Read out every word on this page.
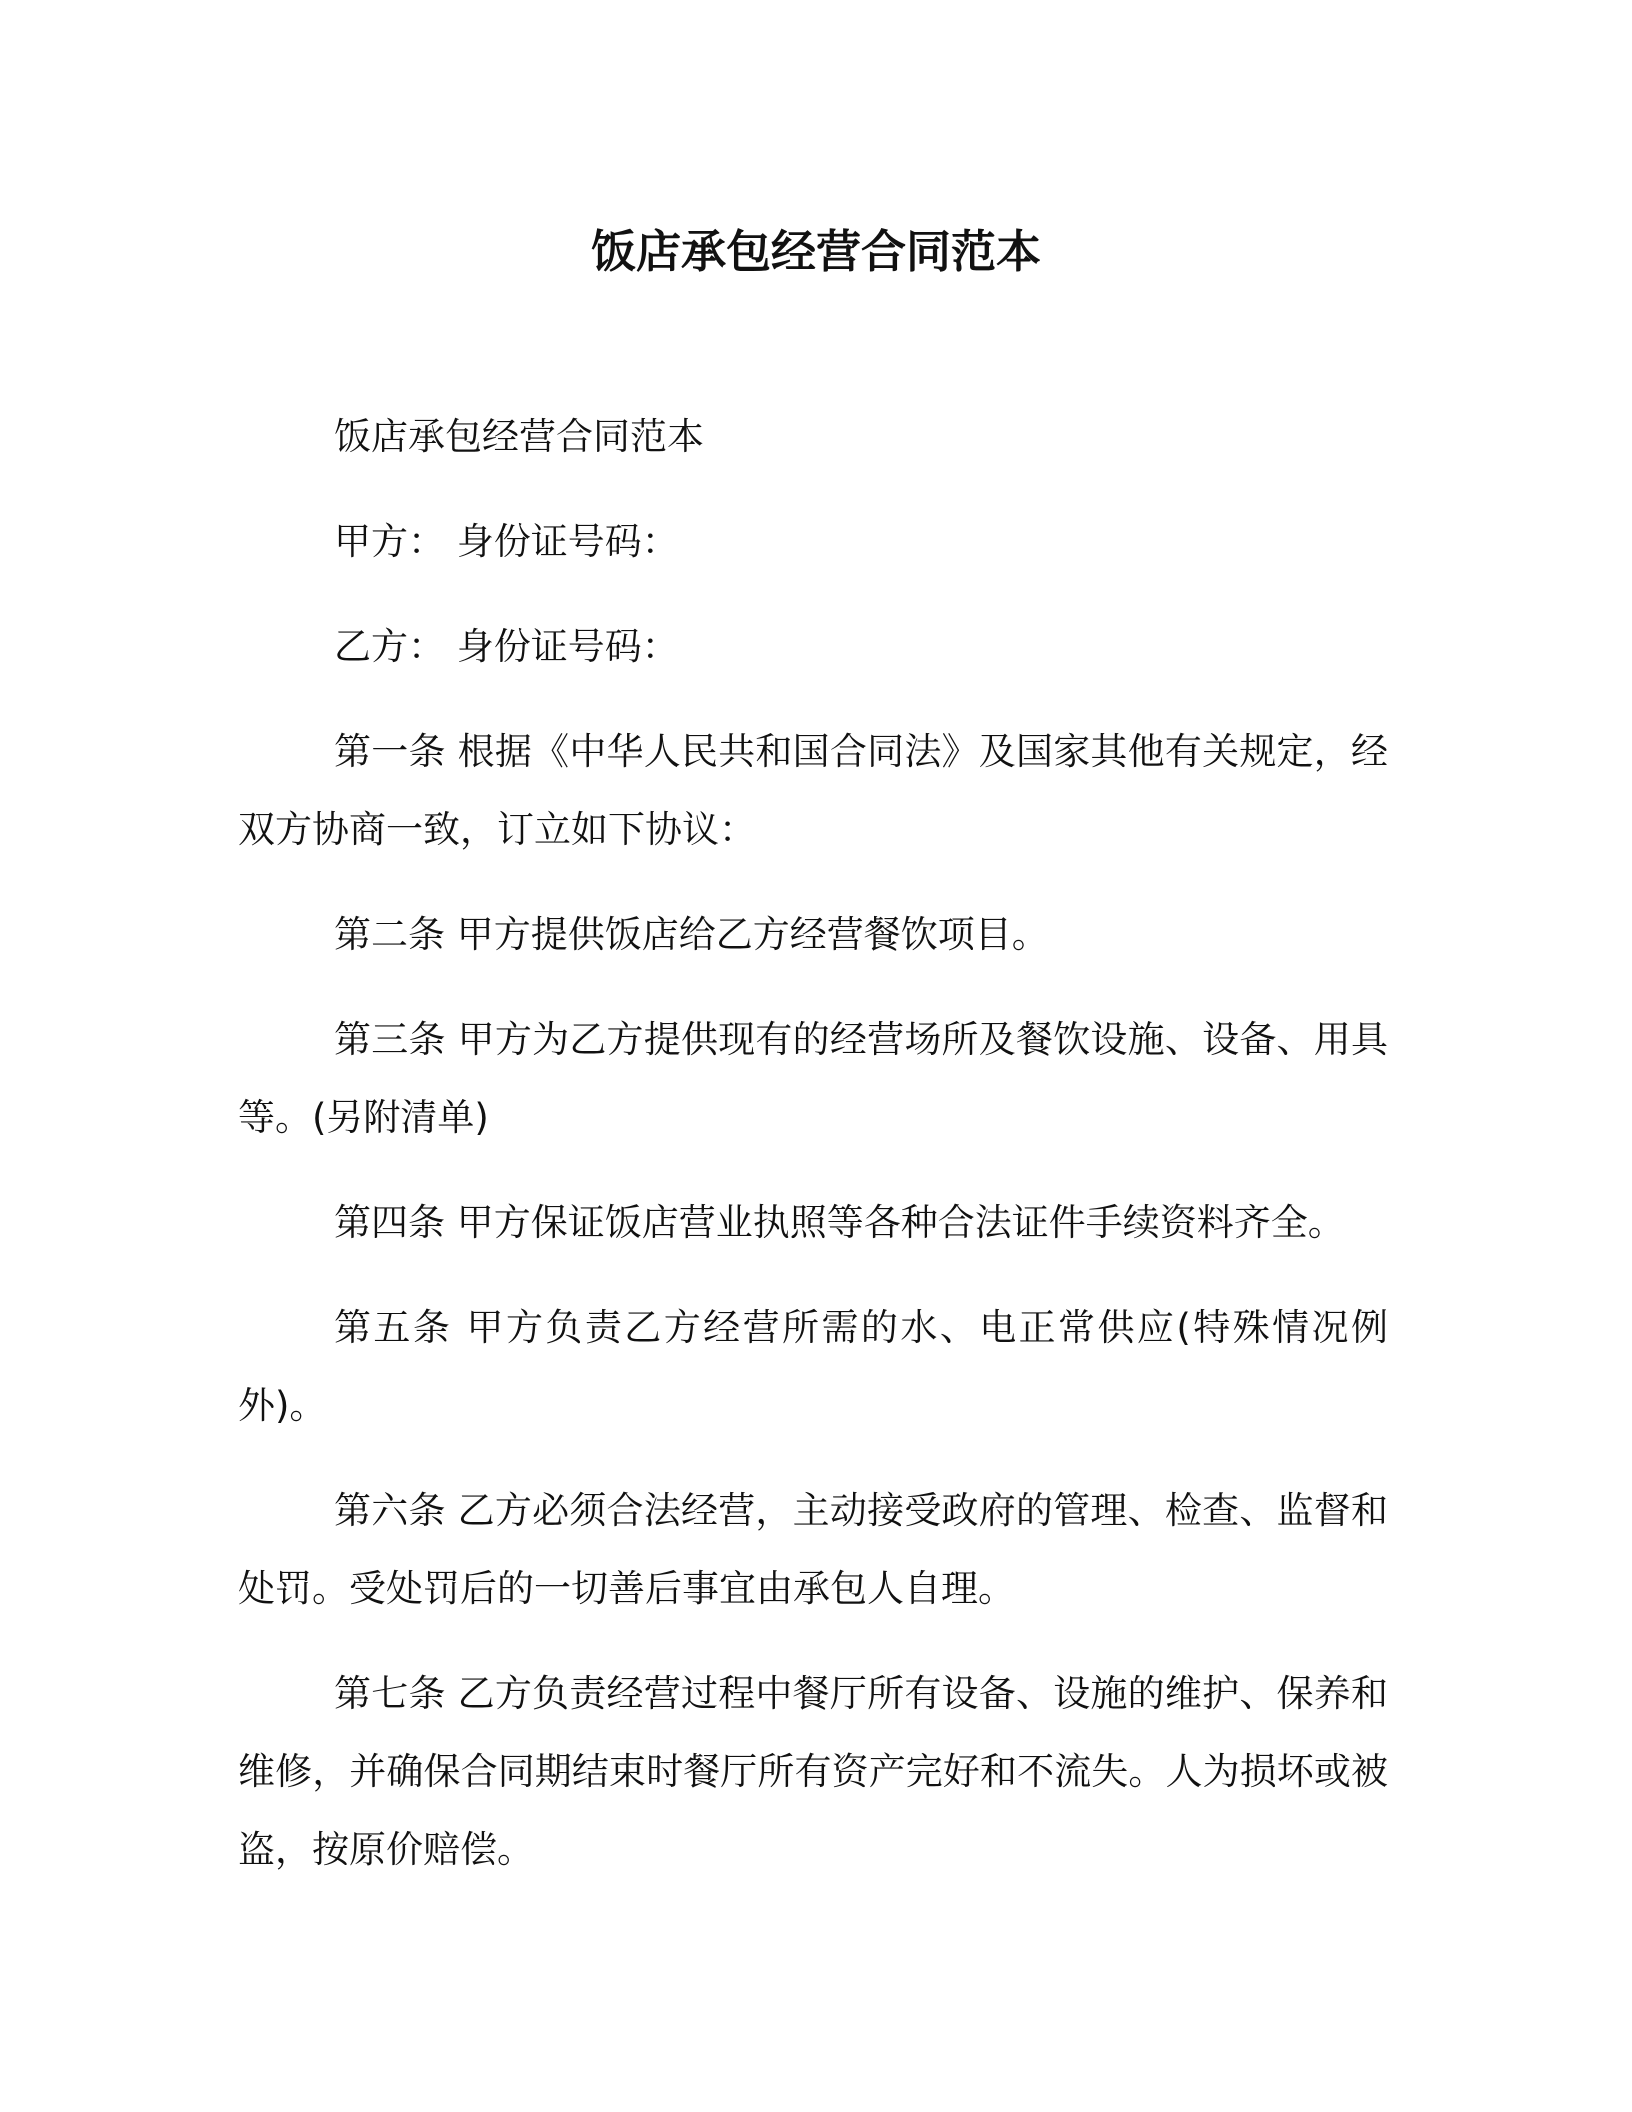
饭店承包经营合同范本

饭店承包经营合同范本

甲方： 身份证号码：

乙方： 身份证号码：

第一条 根据《中华人民共和国合同法》及国家其他有关规定，经双方协商一致，订立如下协议：

第二条 甲方提供饭店给乙方经营餐饮项目。

第三条 甲方为乙方提供现有的经营场所及餐饮设施、设备、用具等。(另附清单)

第四条 甲方保证饭店营业执照等各种合法证件手续资料齐全。

第五条 甲方负责乙方经营所需的水、电正常供应(特殊情况例外)。

第六条 乙方必须合法经营，主动接受政府的管理、检查、监督和处罚。受处罚后的一切善后事宜由承包人自理。

第七条 乙方负责经营过程中餐厅所有设备、设施的维护、保养和维修，并确保合同期结束时餐厅所有资产完好和不流失。人为损坏或被盗，按原价赔偿。
